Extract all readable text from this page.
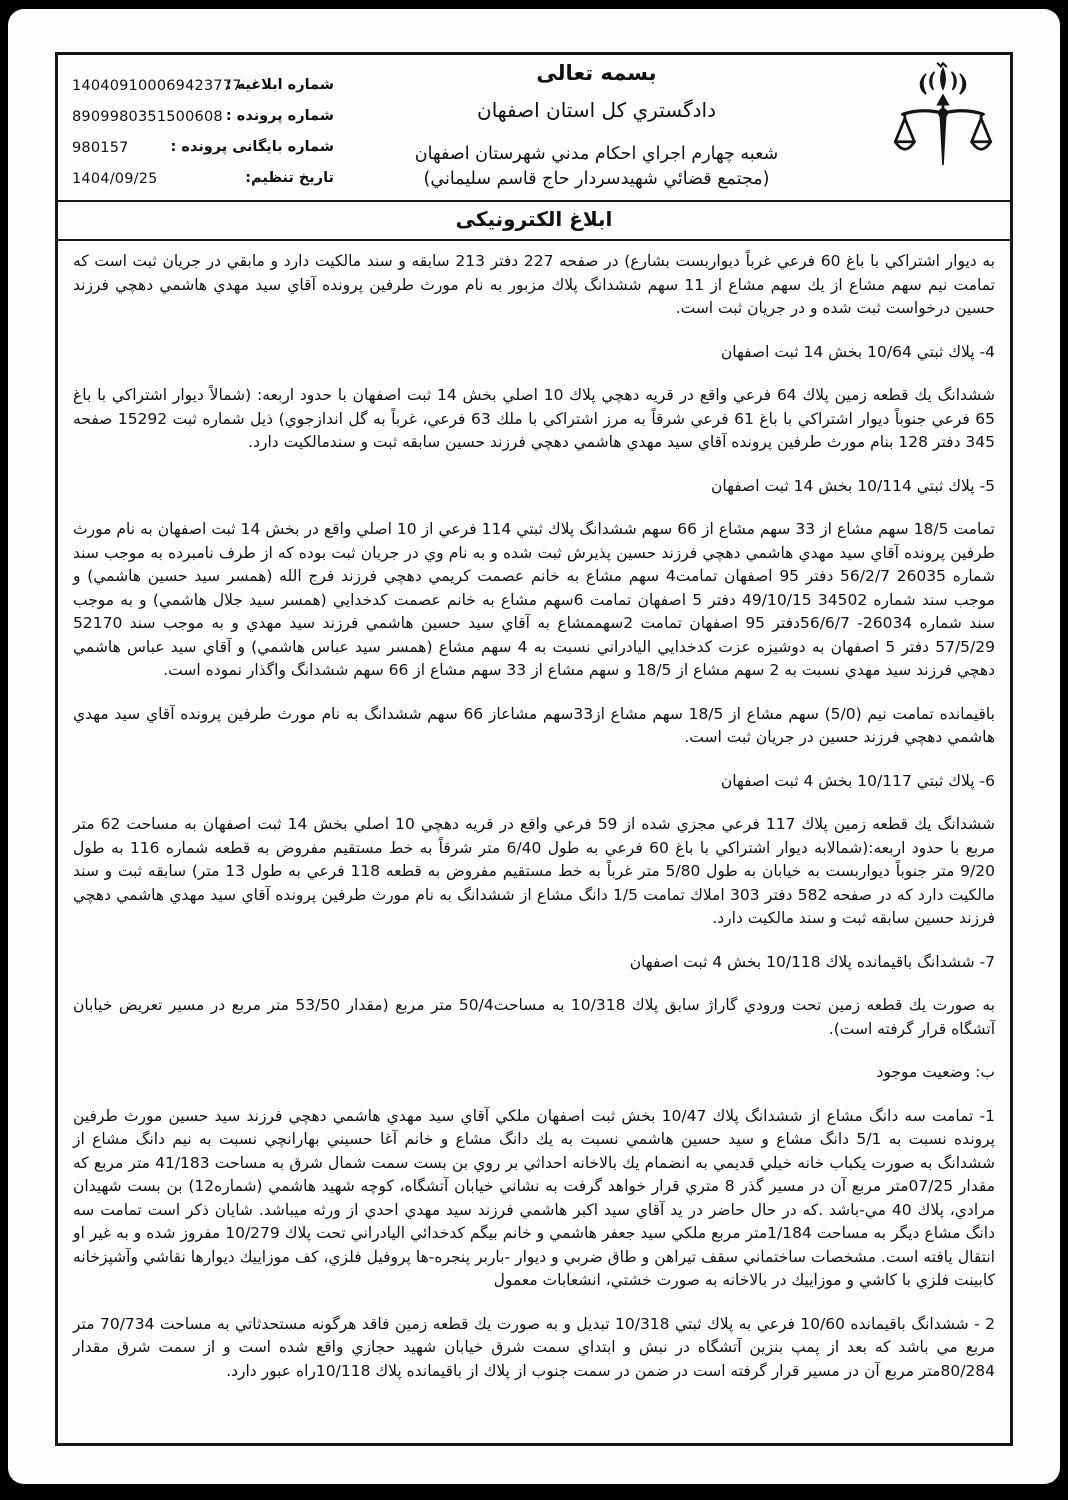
شماره ابلاغیه :
140409100069423777
شماره پرونده :
8909980351500608
شماره بایگانی پرونده :
980157
تاریخ تنظیم:
1404/09/25
بسمه تعالی
دادگستري کل استان اصفهان
شعبه چهارم اجراي احکام مدني شهرستان اصفهان
(مجتمع قضائي شهیدسردار حاج قاسم سلیماني)
ابلاغ الکترونیکی
به دیوار اشتراکي با باغ 60 فرعي غرباً دیواربست بشارع) در صفحه 227 دفتر 213 سابقه و سند مالکیت دارد و مابقي در جریان ثبت است که تمامت نیم سهم مشاع از یك سهم مشاع از 11 سهم ششدانگ پلاك مزبور به نام مورث طرفین پرونده آقاي سید مهدي هاشمي دهچي فرزند حسین درخواست ثبت شده و در جریان ثبت است.
4- پلاك ثبتي 10/64 بخش 14 ثبت اصفهان
ششدانگ یك قطعه زمین پلاك 64 فرعي واقع در قریه دهچي پلاك 10 اصلي بخش 14 ثبت اصفهان با حدود اربعه: (شمالاً دیوار اشتراکي با باغ 65 فرعي جنوباً دیوار اشتراکي با باغ 61 فرعي شرقاً به مرز اشتراکي با ملك 63 فرعي، غرباً به گل اندازجوي) ذیل شماره ثبت 15292 صفحه 345 دفتر 128 بنام مورث طرفین پرونده آقاي سید مهدي هاشمي دهچي فرزند حسین سابقه ثبت و سندمالکیت دارد.
5- پلاك ثبتي 10/114 بخش 14 ثبت اصفهان
تمامت 18/5 سهم مشاع از 33 سهم مشاع از 66 سهم ششدانگ پلاك ثبتي 114 فرعي از 10 اصلي واقع در بخش 14 ثبت اصفهان به نام مورث طرفین پرونده آقاي سید مهدي هاشمي دهچي فرزند حسین پذیرش ثبت شده و به نام وي در جریان ثبت بوده که از طرف نامبرده به موجب سند شماره 26035 56/2/7 دفتر 95 اصفهان تمامت4 سهم مشاع به خانم عصمت کریمي دهچي فرزند فرج الله (همسر سید حسین هاشمي) و موجب سند شماره 34502 49/10/15 دفتر 5 اصفهان تمامت 6سهم مشاع به خانم عصمت کدخدایي (همسر سید جلال هاشمي) و به موجب سند شماره 26034- 56/6/7دفتر 95 اصفهان تمامت 2سهممشاع به آقاي سید حسین هاشمي فرزند سید مهدي و به موجب سند 52170 57/5/29 دفتر 5 اصفهان به دوشیزه عزت کدخدایي الیادراني نسبت به 4 سهم مشاع (همسر سید عباس هاشمي) و آقاي سید عباس هاشمي دهچي فرزند سید مهدي نسبت به 2 سهم مشاع از 18/5 و سهم مشاع از 33 سهم مشاع از 66 سهم ششدانگ واگذار نموده است.
باقیمانده تمامت نیم (5/0) سهم مشاع از 18/5 سهم مشاع از33سهم مشاعاز 66 سهم ششدانگ به نام مورث طرفین پرونده آقاي سید مهدي هاشمي دهچي فرزند حسین در جریان ثبت است.
6- پلاك ثبتي 10/117 بخش 4 ثبت اصفهان
ششدانگ یك قطعه زمین پلاك 117 فرعي مجزي شده از 59 فرعي واقع در قریه دهچي 10 اصلي بخش 14 ثبت اصفهان به مساحت 62 متر مربع با حدود اربعه:(شمالابه دیوار اشتراکي با باغ 60 فرعي به طول 6/40 متر شرقاً به خط مستقیم مفروض به قطعه شماره 116 به طول 9/20 متر جنوباً دیواربست به خیابان به طول 5/80 متر غرباً به خط مستقیم مفروض به قطعه 118 فرعي به طول 13 متر) سابقه ثبت و سند مالکیت دارد که در صفحه 582 دفتر 303 املاك تمامت 1/5 دانگ مشاع از ششدانگ به نام مورث طرفین پرونده آقاي سید مهدي هاشمي دهچي فرزند حسین سابقه ثبت و سند مالکیت دارد.
7- ششدانگ باقیمانده پلاك 10/118 بخش 4 ثبت اصفهان
به صورت یك قطعه زمین تحت ورودي گاراژ سابق پلاك 10/318 به مساحت50/4 متر مربع (مقدار 53/50 متر مربع در مسیر تعریض خیابان آتشگاه قرار گرفته است).
ب: وضعیت موجود
1- تمامت سه دانگ مشاع از ششدانگ پلاك 10/47 بخش ثبت اصفهان ملکي آقاي سید مهدي هاشمي دهچي فرزند سید حسین مورث طرفین پرونده نسبت به 5/1 دانگ مشاع و سید حسین هاشمي نسبت به یك دانگ مشاع و خانم آغا حسیني بهارانچي نسبت به نیم دانگ مشاع از ششدانگ به صورت یکباب خانه خیلي قدیمي به انضمام یك بالاخانه احداثي بر روي بن بست سمت شمال شرق به مساحت 41/183 متر مربع که مقدار 07/25متر مربع آن در مسیر گذر 8 متري قرار خواهد گرفت به نشاني خیابان آتشگاه، کوچه شهید هاشمي (شماره12) بن بست شهیدان مرادي، پلاك 40 مي-باشد .که در حال حاضر در ید آقاي سید اکبر هاشمي فرزند سید مهدي احدي از ورثه میباشد. شایان ذکر است تمامت سه دانگ مشاع دیگر به مساحت 1/184متر مربع ملکي سید جعفر هاشمي و خانم بیگم کدخدائي الیادراني تحت پلاك 10/279 مفروز شده و به غیر او انتقال یافته است. مشخصات ساختماني سقف تیراهن و طاق ضربي و دیوار -باربر پنجره-ها پروفیل فلزي، کف موزاییك دیوارها نقاشي وآشپزخانه کابینت فلزي با کاشي و موزاییك در بالاخانه به صورت خشتي، انشعابات معمول
2 - ششدانگ باقیمانده 10/60 فرعي به پلاك ثبتي 10/318 تبدیل و به صورت یك قطعه زمین فاقد هرگونه مستحدثاتي به مساحت 70/734 متر مربع مي باشد که بعد از پمپ بنزین آتشگاه در نبش و ابتداي سمت شرق خیابان شهید حجازي واقع شده است و از سمت شرق مقدار 80/284متر مربع آن در مسیر قرار گرفته است در ضمن در سمت جنوب از پلاك از باقیمانده پلاك 10/118راه عبور دارد.
